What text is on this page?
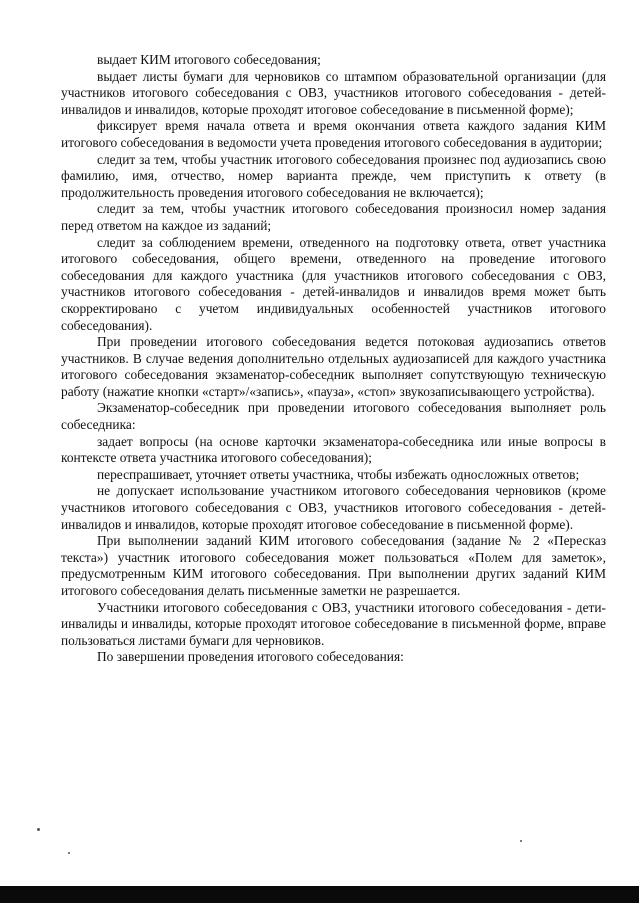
выдает КИМ итогового собеседования;

выдает листы бумаги для черновиков со штампом образовательной организации (для участников итогового собеседования с ОВЗ, участников итогового собеседования - детей-инвалидов и инвалидов, которые проходят итоговое собеседование в письменной форме);

фиксирует время начала ответа и время окончания ответа каждого задания КИМ итогового собеседования в ведомости учета проведения итогового собеседования в аудитории;

следит за тем, чтобы участник итогового собеседования произнес под аудиозапись свою фамилию, имя, отчество, номер варианта прежде, чем приступить к ответу (в продолжительность проведения итогового собеседования не включается);

следит за тем, чтобы участник итогового собеседования произносил номер задания перед ответом на каждое из заданий;

следит за соблюдением времени, отведенного на подготовку ответа, ответ участника итогового собеседования, общего времени, отведенного на проведение итогового собеседования для каждого участника (для участников итогового собеседования с ОВЗ, участников итогового собеседования - детей-инвалидов и инвалидов время может быть скорректировано с учетом индивидуальных особенностей участников итогового собеседования).

При проведении итогового собеседования ведется потоковая аудиозапись ответов участников. В случае ведения дополнительно отдельных аудиозаписей для каждого участника итогового собеседования экзаменатор-собеседник выполняет сопутствующую техническую работу (нажатие кнопки «старт»/«запись», «пауза», «стоп» звукозаписывающего устройства).

Экзаменатор-собеседник при проведении итогового собеседования выполняет роль собеседника:

задает вопросы (на основе карточки экзаменатора-собеседника или иные вопросы в контексте ответа участника итогового собеседования);

переспрашивает, уточняет ответы участника, чтобы избежать односложных ответов;

не допускает использование участником итогового собеседования черновиков (кроме участников итогового собеседования с ОВЗ, участников итогового собеседования - детей-инвалидов и инвалидов, которые проходят итоговое собеседование в письменной форме).

При выполнении заданий КИМ итогового собеседования (задание № 2 «Пересказ текста») участник итогового собеседования может пользоваться «Полем для заметок», предусмотренным КИМ итогового собеседования. При выполнении других заданий КИМ итогового собеседования делать письменные заметки не разрешается.

Участники итогового собеседования с ОВЗ, участники итогового собеседования - дети-инвалиды и инвалиды, которые проходят итоговое собеседование в письменной форме, вправе пользоваться листами бумаги для черновиков.

По завершении проведения итогового собеседования:
